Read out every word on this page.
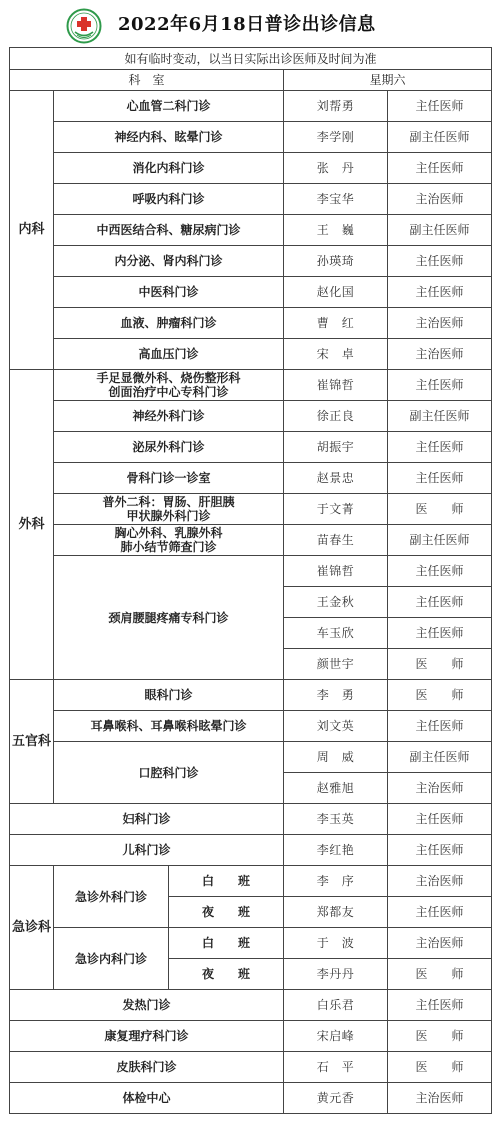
2022年6月18日普诊出诊信息
如有临时变动，以当日实际出诊医师及时间为准				
科　室			星期六	
内科	心血管二科门诊		刘帮勇	主任医师
	神经内科、眩晕门诊		李学刚	副主任医师
	消化内科门诊		张　丹	主任医师
	呼吸内科门诊		李宝华	主治医师
	中西医结合科、糖尿病门诊		王　巍	副主任医师
	内分泌、肾内科门诊		孙瑛琦	主任医师
	中医科门诊		赵化国	主任医师
	血液、肿瘤科门诊		曹　红	主治医师
	高血压门诊		宋　卓	主治医师
外科	手足显微外科、烧伤整形科
创面治疗中心专科门诊		崔锦哲	主任医师
	神经外科门诊		徐正良	副主任医师
	泌尿外科门诊		胡振宇	主任医师
	骨科门诊一诊室		赵景忠	主任医师
	普外二科：胃肠、肝胆胰
甲状腺外科门诊		于文菁	医　　师
	胸心外科、乳腺外科
肺小结节筛查门诊		苗春生	副主任医师
	颈肩腰腿疼痛专科门诊		崔锦哲	主任医师
			王金秋	主任医师
			车玉欣	主任医师
			颜世宇	医　　师
五官科	眼科门诊		李　勇	医　　师
	耳鼻喉科、耳鼻喉科眩晕门诊		刘文英	主任医师
	口腔科门诊		周　威	副主任医师
			赵雅旭	主治医师
妇科门诊			李玉英	主任医师
儿科门诊			李红艳	主任医师
急诊科	急诊外科门诊	白　　班	李　序	主治医师
		夜　　班	郑都友	主任医师
	急诊内科门诊	白　　班	于　波	主治医师
		夜　　班	李丹丹	医　　师
发热门诊			白乐君	主任医师
康复理疗科门诊			宋启峰	医　　师
皮肤科门诊			石　平	医　　师
体检中心			黄元香	主治医师
